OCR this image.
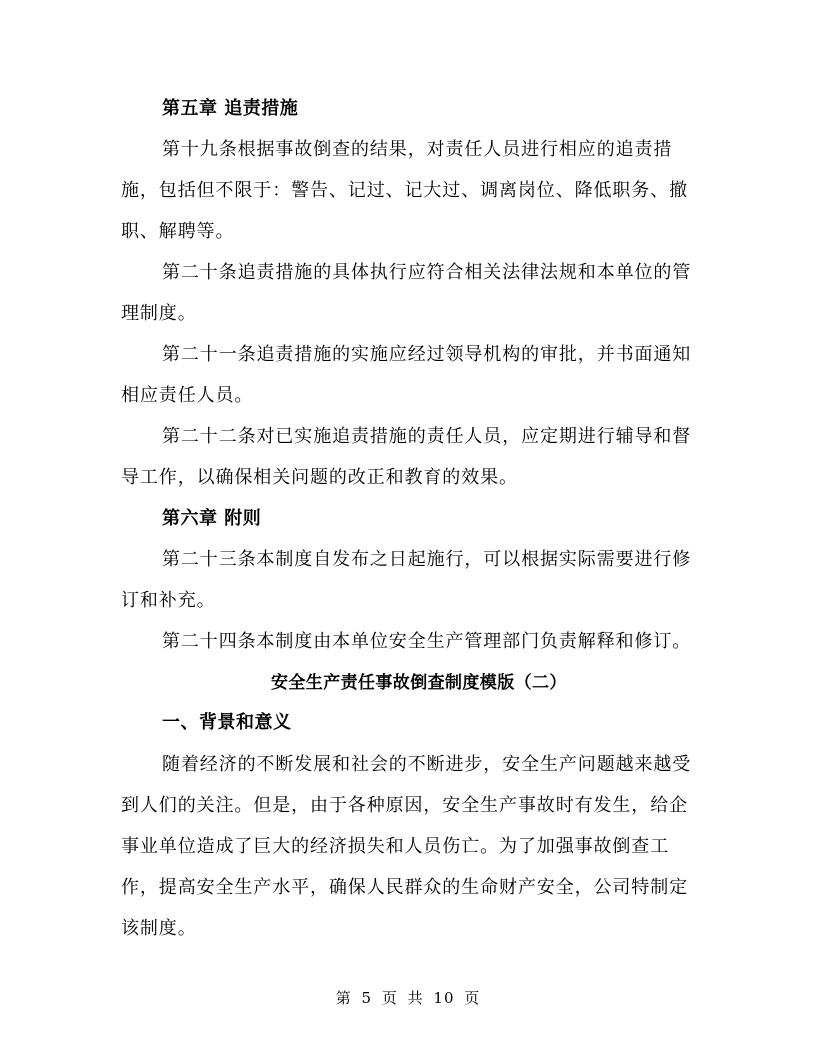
第五章 追责措施
第十九条根据事故倒查的结果，对责任人员进行相应的追责措
施，包括但不限于：警告、记过、记大过、调离岗位、降低职务、撤
职、解聘等。
第二十条追责措施的具体执行应符合相关法律法规和本单位的管
理制度。
第二十一条追责措施的实施应经过领导机构的审批，并书面通知
相应责任人员。
第二十二条对已实施追责措施的责任人员，应定期进行辅导和督
导工作，以确保相关问题的改正和教育的效果。
第六章 附则
第二十三条本制度自发布之日起施行，可以根据实际需要进行修
订和补充。
第二十四条本制度由本单位安全生产管理部门负责解释和修订。
安全生产责任事故倒查制度模版（二）
一、背景和意义
随着经济的不断发展和社会的不断进步，安全生产问题越来越受
到人们的关注。但是，由于各种原因，安全生产事故时有发生，给企
事业单位造成了巨大的经济损失和人员伤亡。为了加强事故倒查工
作，提高安全生产水平，确保人民群众的生命财产安全，公司特制定
该制度。
第 5 页 共 10 页
